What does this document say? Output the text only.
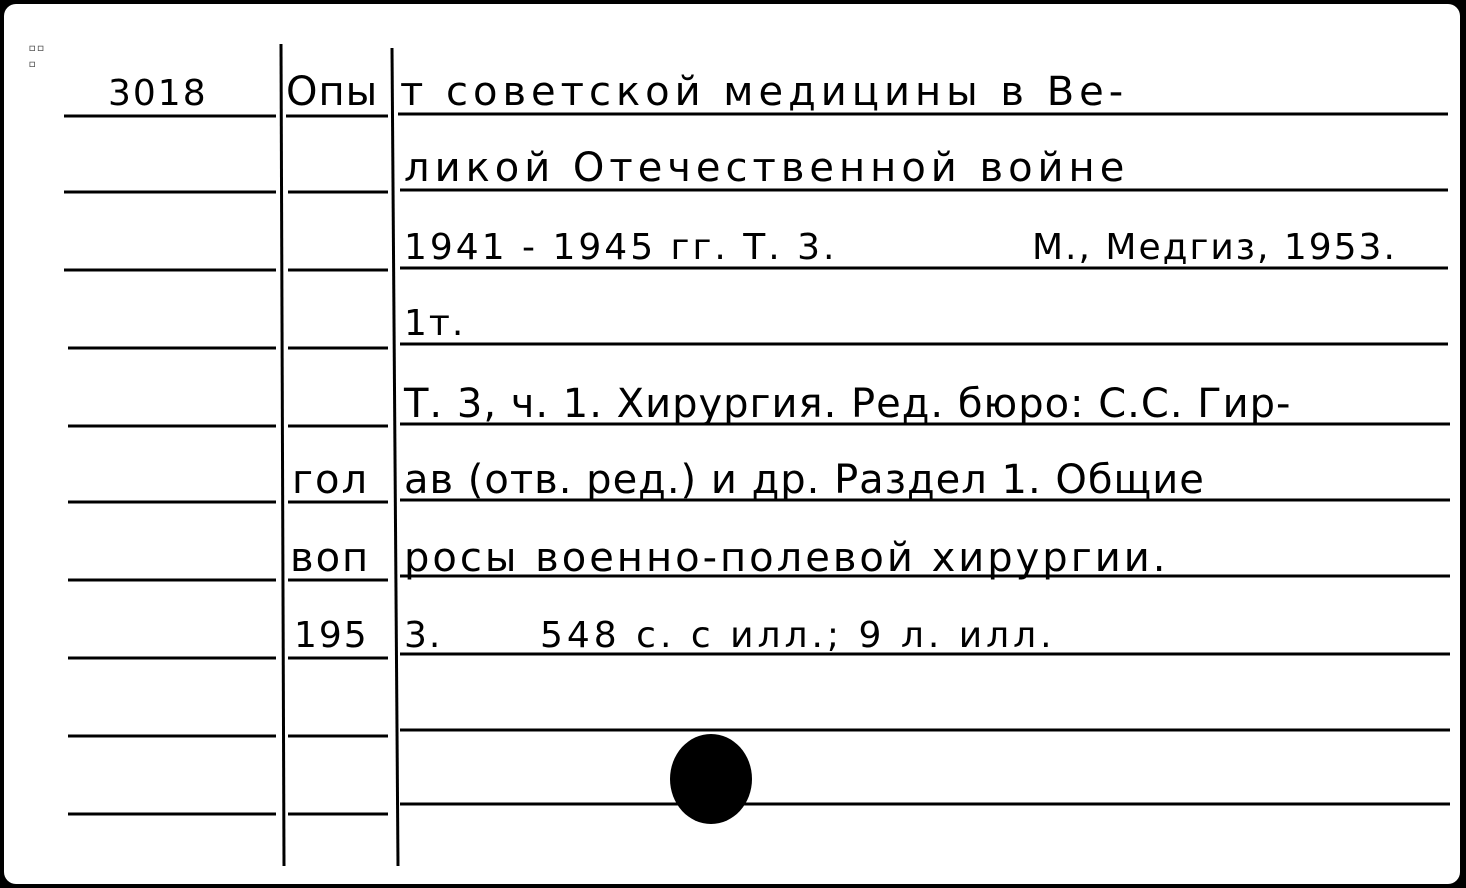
▫▫
▫
3018 Опы
гол
воп
195
т советской медицины в Ве-
ликой Отечественной войне
1941 - 1945 гг. Т. 3.	М., Медгиз, 1953.
1т.
Т. 3, ч. 1. Хирургия. Ред. бюро: С.С. Гир-
ав (отв. ред.) и др. Раздел 1. Общие
росы военно-полевой хирургии.
3.	548 с. с илл.; 9 л. илл.
